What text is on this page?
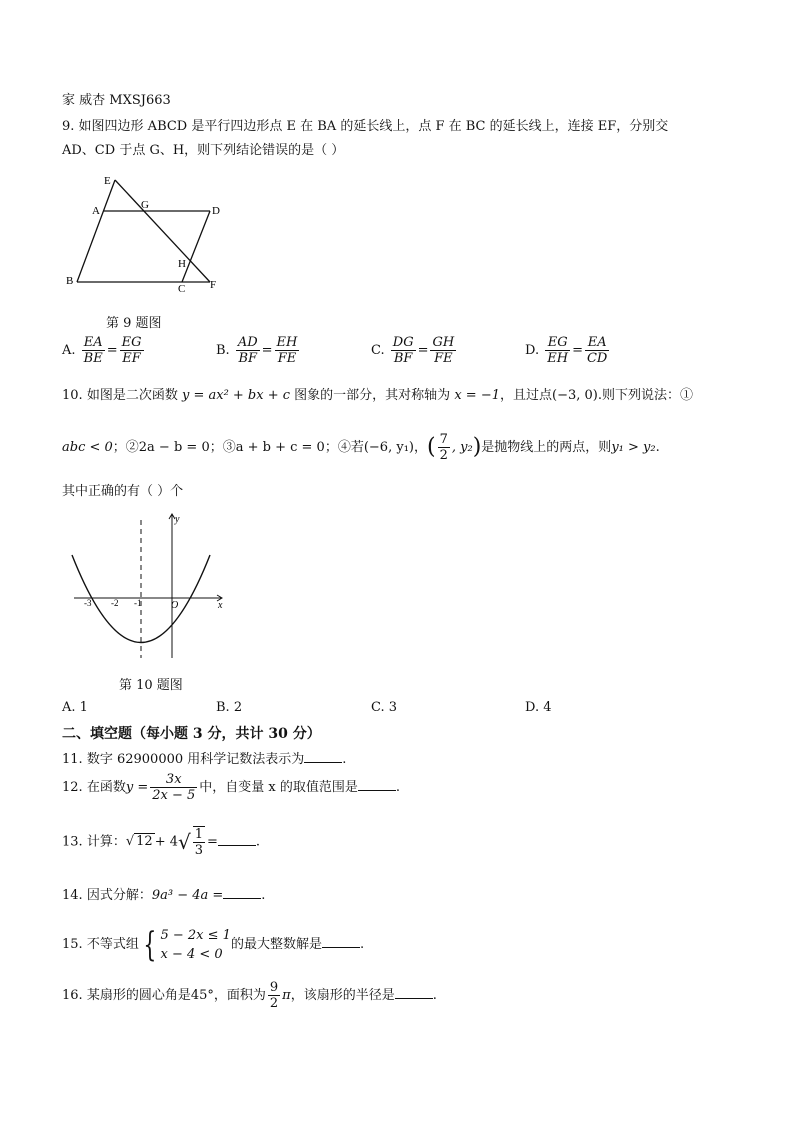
家 威杏 MXSJ663
9. 如图四边形 ABCD 是平行四边形点 E 在 BA 的延长线上，点 F 在 BC 的延长线上，连接 EF，分别交
AD、CD 于点 G、H，则下列结论错误的是（ ）
E
A	G	D
B
H
C F
第 9 题图
A. $\frac{EA}{BE} = \frac{EG}{EF}$	B. $\frac{AD}{BF} = \frac{EH}{FE}$	C. $\frac{DG}{BF} = \frac{GH}{FE}$	D. $\frac{EG}{EH} = \frac{EA}{CD}$
10. 如图是二次函数 y = ax² + bx + c 图象的一部分，其对称轴为 x = −1，且过点(−3, 0).则下列说法：①
abc < 0；②2a − b = 0；③a + b + c = 0；④若(−6, y₁)，( $\frac{7}{2}$ , y₂)是抛物线上的两点，则y₁ > y₂.
其中正确的有（ ）个
y
x
O
-3 -2 -1
第 10 题图
A. 1	B. 2	C. 3	D. 4
二、填空题（每小题 3 分，共计 30 分）
11. 数字 62900000 用科学记数法表示为	.
12. 在函数$y = \frac{3x}{2x - 5}$ 中，自变量 x 的取值范围是	.
13. 计算：√ $12 + 4√ \frac{1}{3}$ =	.
14. 因式分解：9a³ − 4a =	.
15. 不等式组 { 5 − 2x ≤ 1
x − 4 < 0的最大整数解是	.
16. 某扇形的圆心角是45°，面积为 $\frac{9}{2}$ π，该扇形的半径是	.
